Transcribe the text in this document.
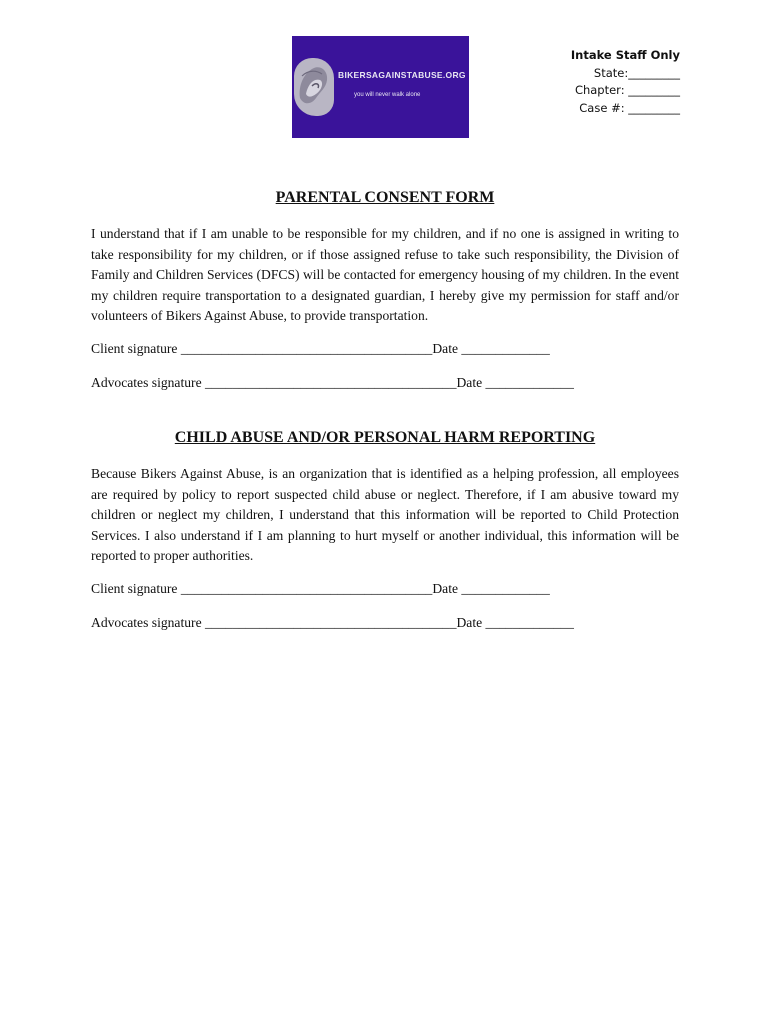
BIKERSAGAINSTABUSE.ORG
you will never walk alone
Intake Staff Only
State:_________
Chapter: _________
Case #: _________
PARENTAL CONSENT FORM

I understand that if I am unable to be responsible for my children, and if no one is assigned in writing to take responsibility for my children, or if those assigned refuse to take such responsibility, the Division of Family and Children Services (DFCS) will be contacted for emergency housing of my children. In the event my children require transportation to a designated guardian, I hereby give my permission for staff and/or volunteers of Bikers Against Abuse, to provide transportation.

Client signature _____________________________________Date _____________
Advocates signature _____________________________________Date _____________
CHILD ABUSE AND/OR PERSONAL HARM REPORTING

Because Bikers Against Abuse, is an organization that is identified as a helping profession, all employees are required by policy to report suspected child abuse or neglect. Therefore, if I am abusive toward my children or neglect my children, I understand that this information will be reported to Child Protection Services. I also understand if I am planning to hurt myself or another individual, this information will be reported to proper authorities.

Client signature _____________________________________Date _____________
Advocates signature _____________________________________Date _____________
